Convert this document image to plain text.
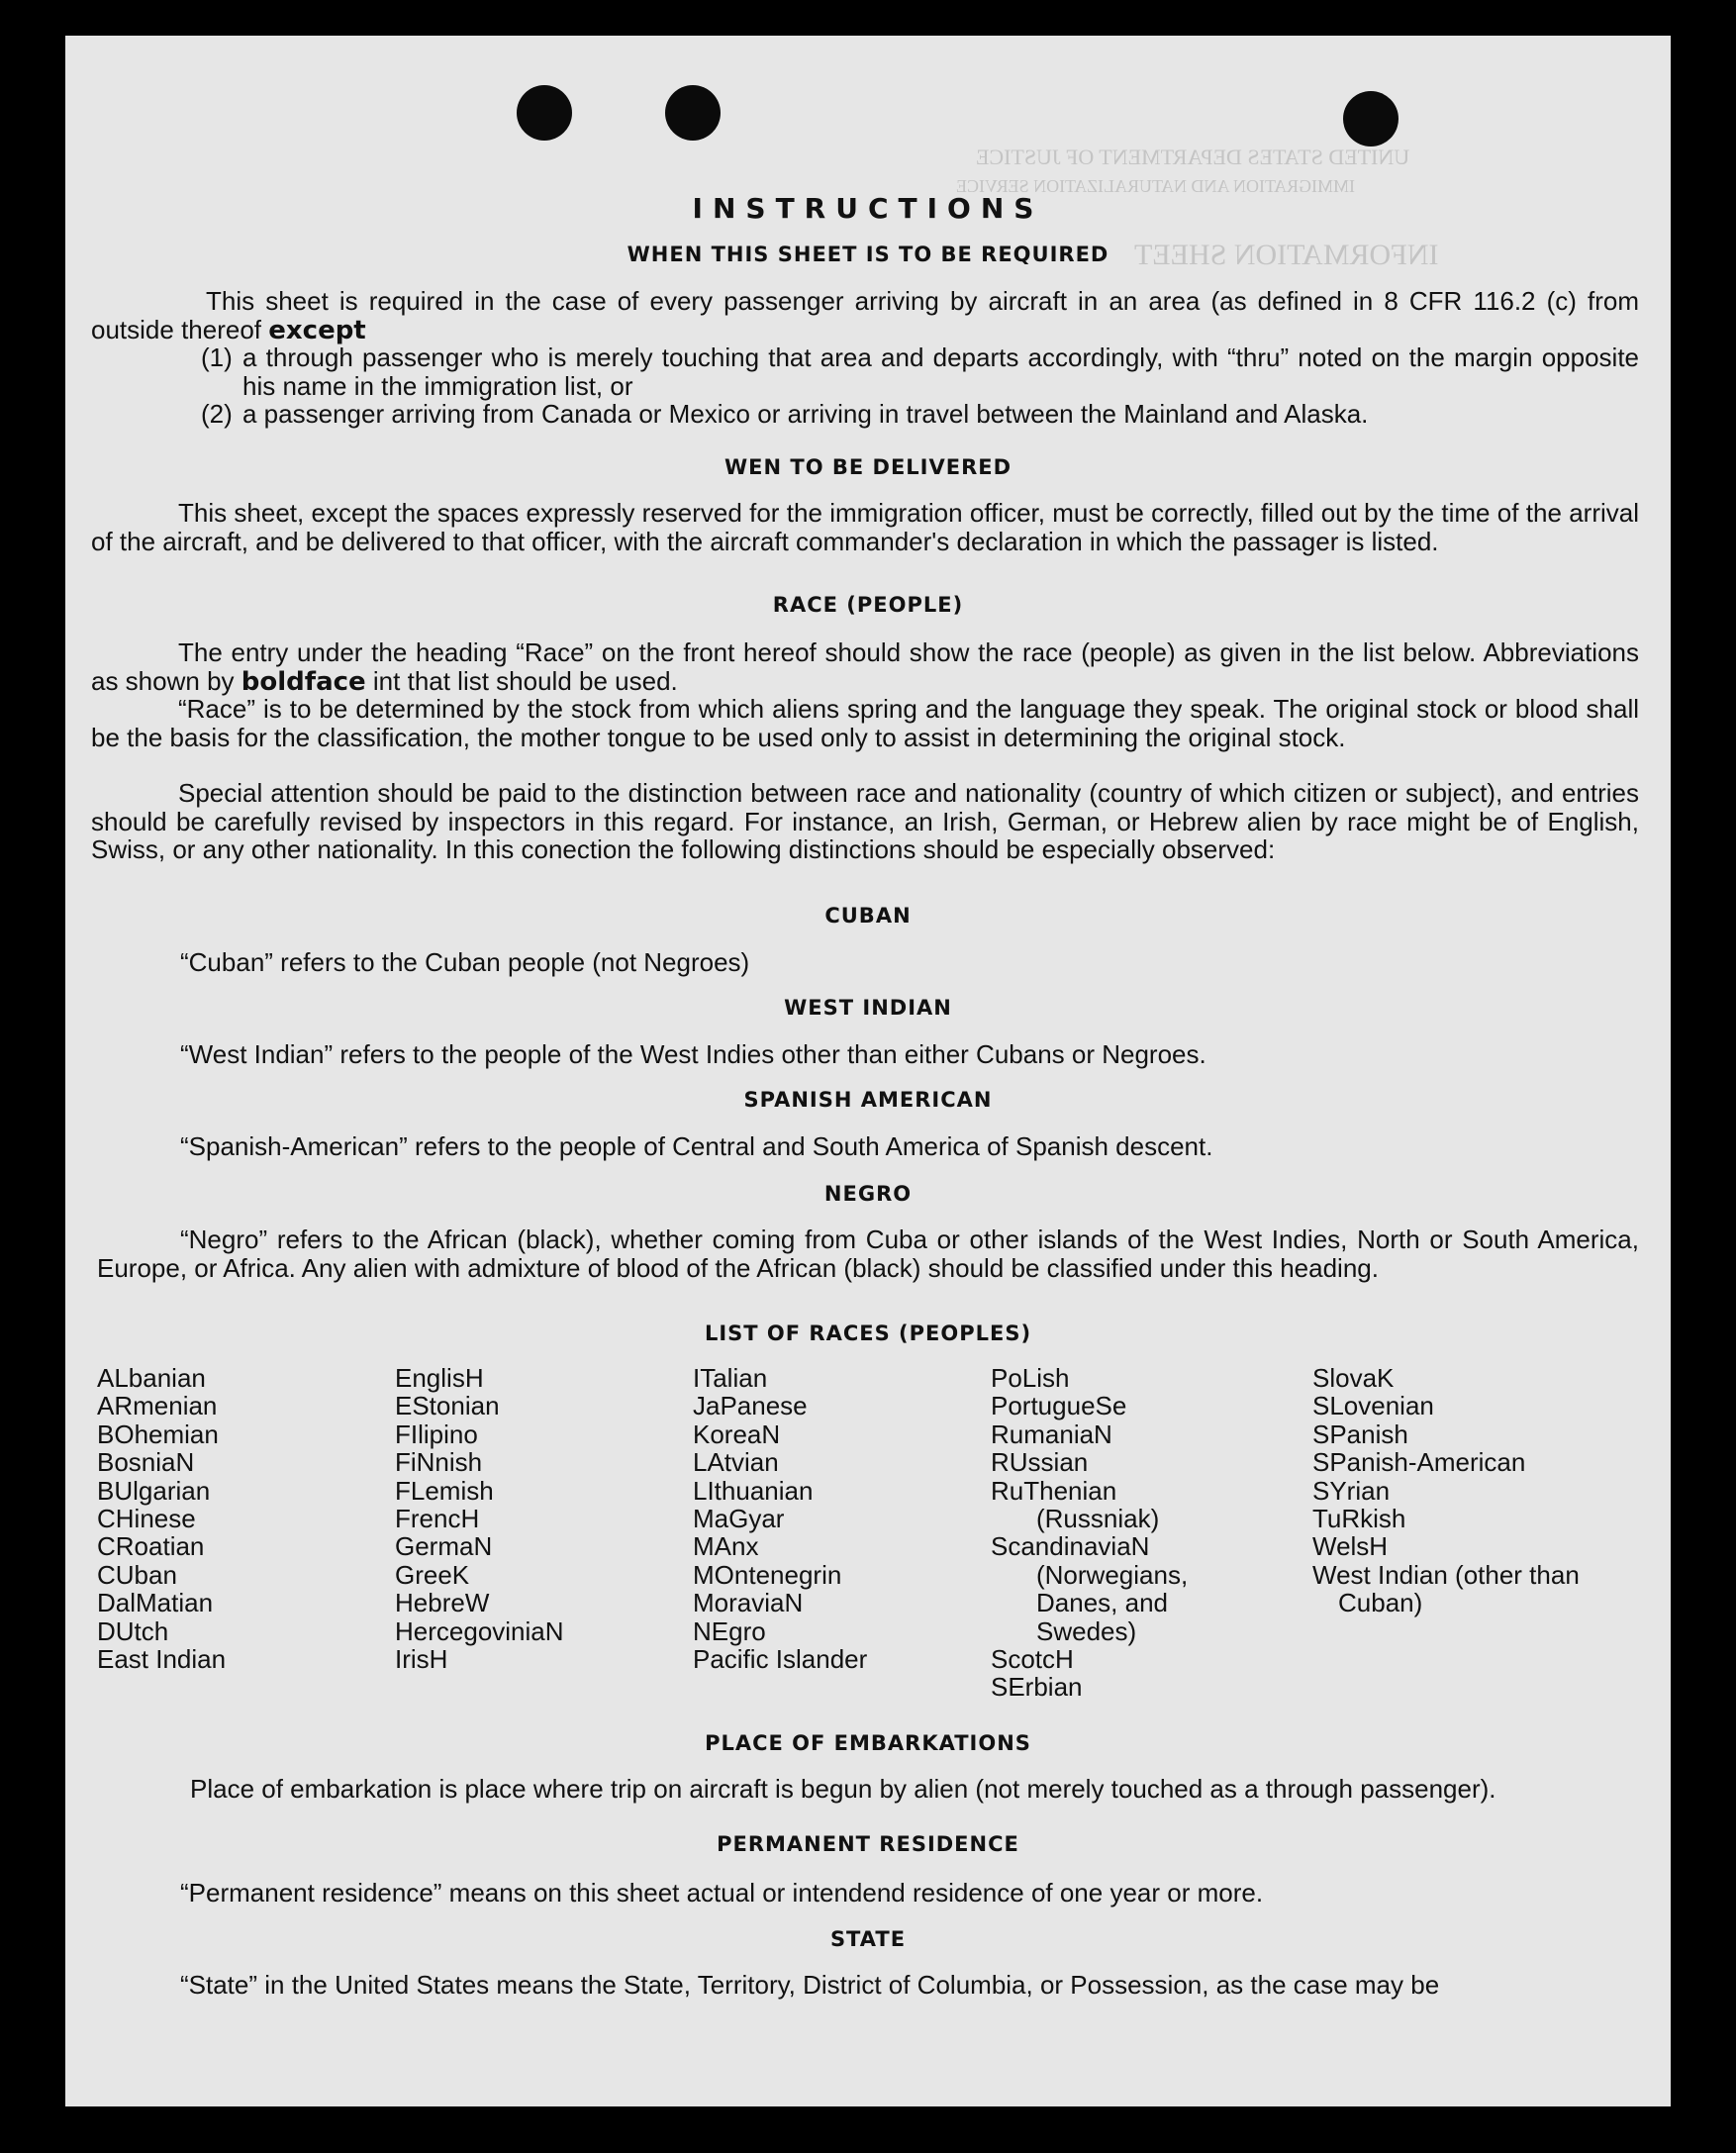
UNITED STATES DEPARTMENT OF JUSTICE
IMMIGRATION AND NATURALIZATION SERVICE
INFORMATION SHEET
INSTRUCTIONS
WHEN THIS SHEET IS TO BE REQUIRED

This sheet is required in the case of every passenger arriving by aircraft in an area (as defined in 8 CFR 116.2 (c) from outside thereof except

(1) a through passenger who is merely touching that area and departs accordingly, with “thru” noted on the margin opposite his name in the immigration list, or

(2) a passenger arriving from Canada or Mexico or arriving in travel between the Mainland and Alaska.

WEN TO BE DELIVERED

This sheet, except the spaces expressly reserved for the immigration officer, must be correctly, filled out by the time of the arrival of the aircraft, and be delivered to that officer, with the aircraft commander's declaration in which the passager is listed.

RACE (PEOPLE)

The entry under the heading “Race” on the front hereof should show the race (people) as given in the list below. Abbreviations as shown by boldface int that list should be used.

“Race” is to be determined by the stock from which aliens spring and the language they speak. The original stock or blood shall be the basis for the classification, the mother tongue to be used only to assist in determining the original stock.

Special attention should be paid to the distinction between race and nationality (country of which citizen or subject), and entries should be carefully revised by inspectors in this regard. For instance, an Irish, German, or Hebrew alien by race might be of English, Swiss, or any other nationality. In this conection the following distinctions should be especially observed:

CUBAN

“Cuban” refers to the Cuban people (not Negroes)

WEST INDIAN

“West Indian” refers to the people of the West Indies other than either Cubans or Negroes.

SPANISH AMERICAN

“Spanish-American” refers to the people of Central and South America of Spanish descent.

NEGRO

“Negro” refers to the African (black), whether coming from Cuba or other islands of the West Indies, North or South America, Europe, or Africa. Any alien with admixture of blood of the African (black) should be classified under this heading.

LIST OF RACES (PEOPLES)
ALbanian
ARmenian
BOhemian
BosniaN
BUlgarian
CHinese
CRoatian
CUban
DalMatian
DUtch
East Indian
EnglisH
EStonian
FIlipino
FiNnish
FLemish
FrencH
GermaN
GreeK
HebreW
HercegoviniaN
IrisH
ITalian
JaPanese
KoreaN
LAtvian
LIthuanian
MaGyar
MAnx
MOntenegrin
MoraviaN
NEgro
Pacific Islander
PoLish
PortugueSe
RumaniaN
RUssian
RuThenian (Russniak)
ScandinaviaN (Norwegians, Danes, and Swedes)
ScotcH
SErbian
SlovaK
SLovenian
SPanish
SPanish-American
SYrian
TuRkish
WelsH
West Indian (other than Cuban)
PLACE OF EMBARKATIONS

Place of embarkation is place where trip on aircraft is begun by alien (not merely touched as a through passenger).

PERMANENT RESIDENCE

“Permanent residence” means on this sheet actual or intendend residence of one year or more.

STATE

“State” in the United States means the State, Territory, District of Columbia, or Possession, as the case may be
